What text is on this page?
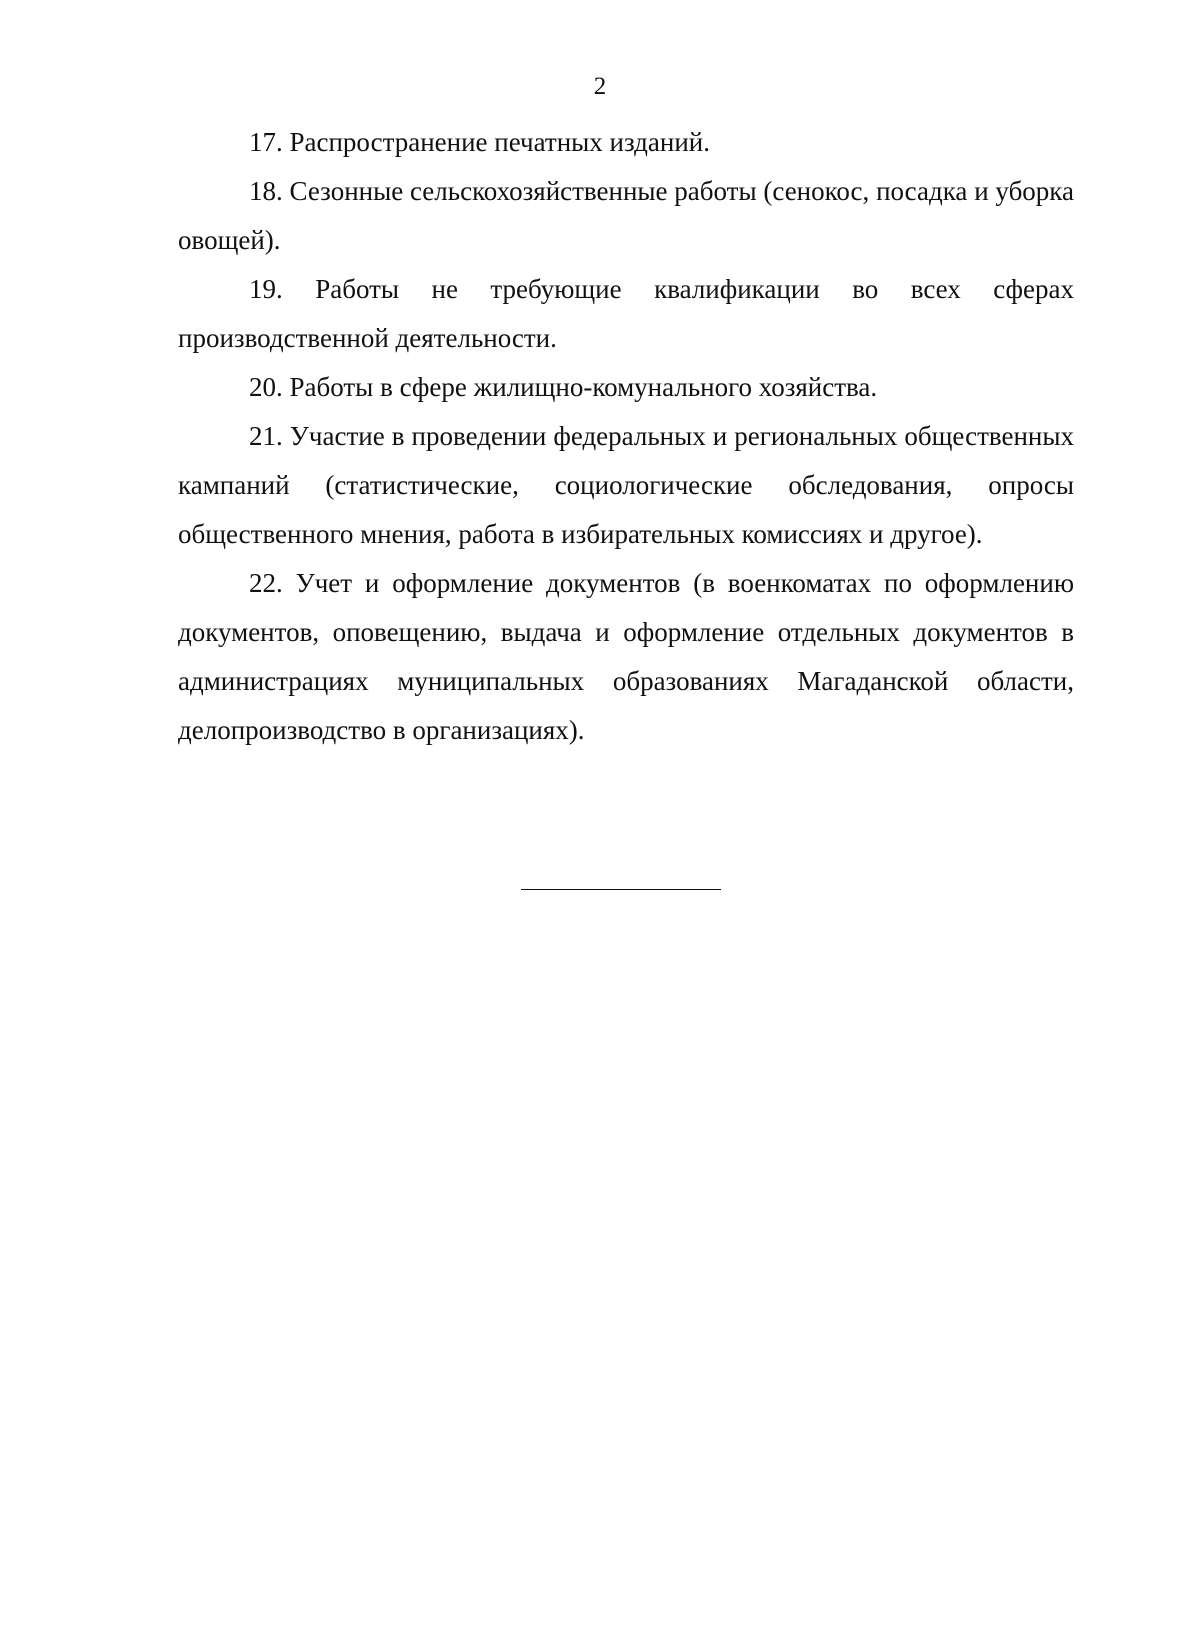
2

17. Распространение печатных изданий.

18. Сезонные сельскохозяйственные работы (сенокос, посадка и уборка овощей).

19. Работы не требующие квалификации во всех сферах производственной деятельности.

20. Работы в сфере жилищно-комунального хозяйства.

21. Участие в проведении федеральных и региональных общественных кампаний (статистические, социологические обследования, опросы общественного мнения, работа в избирательных комиссиях и другое).

22. Учет и оформление документов (в военкоматах по оформлению документов, оповещению, выдача и оформление отдельных документов в администрациях муниципальных образованиях Магаданской области, делопроизводство в организациях).
